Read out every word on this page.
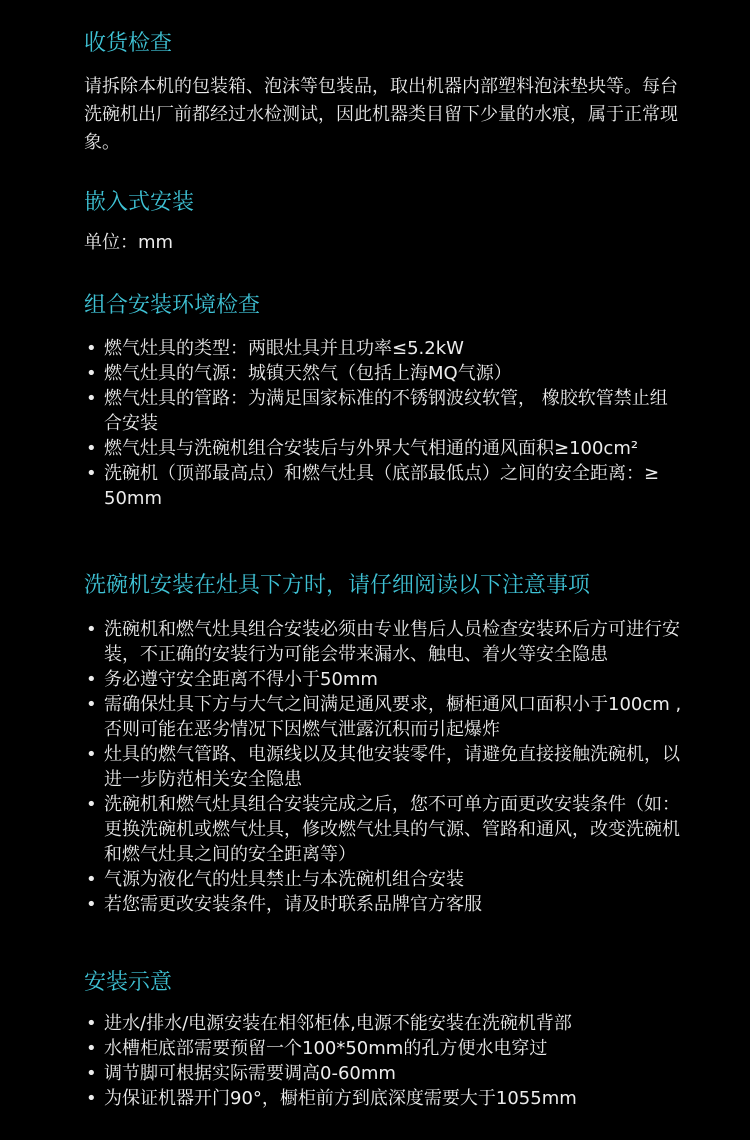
收货检查

请拆除本机的包装箱、泡沫等包装品，取出机器内部塑料泡沫垫块等。每台洗碗机出厂前都经过水检测试，因此机器类目留下少量的水痕，属于正常现象。

嵌入式安装

单位：mm

组合安装环境检查
• 燃气灶具的类型：两眼灶具并且功率≤5.2kW
• 燃气灶具的气源：城镇天然气（包括上海MQ气源）
• 燃气灶具的管路：为满足国家标准的不锈钢波纹软管， 橡胶软管禁止组合安装
• 燃气灶具与洗碗机组合安装后与外界大气相通的通风面积≥100cm²
• 洗碗机（顶部最高点）和燃气灶具（底部最低点）之间的安全距离：≥ 50mm
洗碗机安装在灶具下方时，请仔细阅读以下注意事项
• 洗碗机和燃气灶具组合安装必须由专业售后人员检查安装环后方可进行安装，不正确的安装行为可能会带来漏水、触电、着火等安全隐患
• 务必遵守安全距离不得小于50mm
• 需确保灶具下方与大气之间满足通风要求，橱柜通风口面积小于100cm ,否则可能在恶劣情况下因燃气泄露沉积而引起爆炸
• 灶具的燃气管路、电源线以及其他安装零件，请避免直接接触洗碗机，以进一步防范相关安全隐患
• 洗碗机和燃气灶具组合安装完成之后，您不可单方面更改安装条件（如：更换洗碗机或燃气灶具，修改燃气灶具的气源、管路和通风，改变洗碗机和燃气灶具之间的安全距离等）
• 气源为液化气的灶具禁止与本洗碗机组合安装
• 若您需更改安装条件，请及时联系品牌官方客服
安装示意
• 进水/排水/电源安装在相邻柜体,电源不能安装在洗碗机背部
• 水槽柜底部需要预留一个100*50mm的孔方便水电穿过
• 调节脚可根据实际需要调高0-60mm
• 为保证机器开门90°，橱柜前方到底深度需要大于1055mm
